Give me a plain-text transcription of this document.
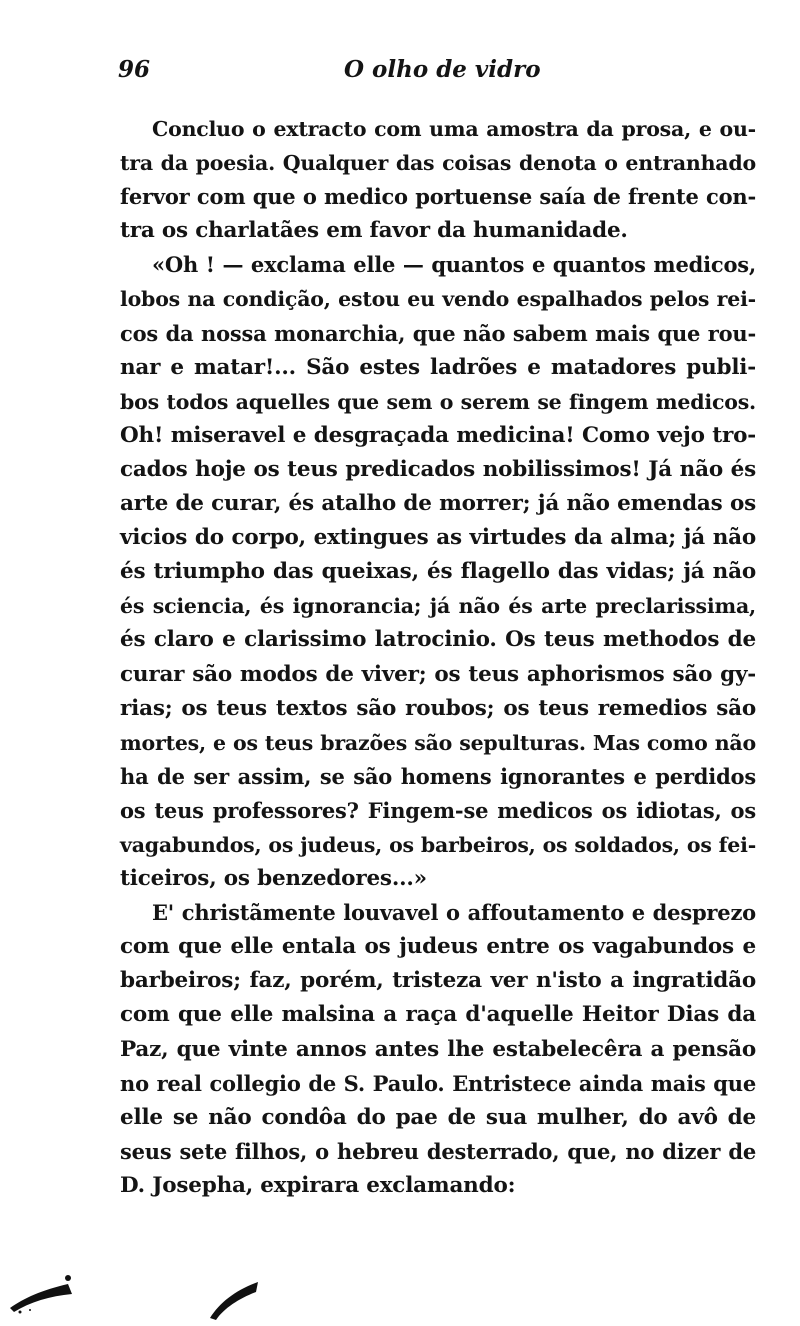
96	O olho de vidro
Concluo o extracto com uma amostra da prosa, e ou-
tra da poesia. Qualquer das coisas denota o entranhado
fervor com que o medico portuense saía de frente con-
tra os charlatães em favor da humanidade.
«Oh ! — exclama elle — quantos e quantos medicos,
lobos na condição, estou eu vendo espalhados pelos rei-
cos da nossa monarchia, que não sabem mais que rou-
nar e matar!... São estes ladrões e matadores publi-
bos todos aquelles que sem o serem se fingem medicos.
Oh! miseravel e desgraçada medicina! Como vejo tro-
cados hoje os teus predicados nobilissimos! Já não és
arte de curar, és atalho de morrer; já não emendas os
vicios do corpo, extingues as virtudes da alma; já não
és triumpho das queixas, és flagello das vidas; já não
és sciencia, és ignorancia; já não és arte preclarissima,
és claro e clarissimo latrocinio. Os teus methodos de
curar são modos de viver; os teus aphorismos são gy-
rias; os teus textos são roubos; os teus remedios são
mortes, e os teus brazões são sepulturas. Mas como não
ha de ser assim, se são homens ignorantes e perdidos
os teus professores? Fingem-se medicos os idiotas, os
vagabundos, os judeus, os barbeiros, os soldados, os fei-
ticeiros, os benzedores...»
E' christãmente louvavel o affoutamento e desprezo
com que elle entala os judeus entre os vagabundos e
barbeiros; faz, porém, tristeza ver n'isto a ingratidão
com que elle malsina a raça d'aquelle Heitor Dias da
Paz, que vinte annos antes lhe estabelecêra a pensão
no real collegio de S. Paulo. Entristece ainda mais que
elle se não condôa do pae de sua mulher, do avô de
seus sete filhos, o hebreu desterrado, que, no dizer de
D. Josepha, expirara exclamando:
